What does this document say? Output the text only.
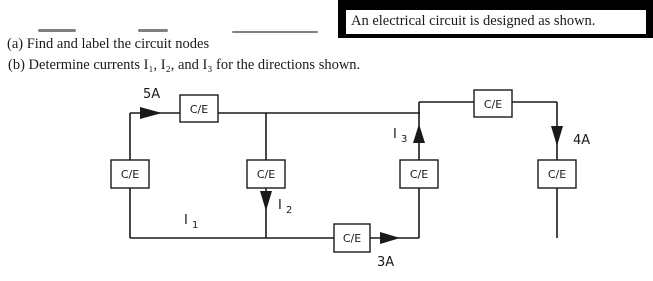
An electrical circuit is designed as shown.
(a) Find and label the circuit nodes
(b) Determine currents I₁, I₂, and I₃ for the directions shown.
C/E	C/E
C/E	C/E	C/E	C/E
C/E
5A
4A
3A
I 1
I 2
I 3
